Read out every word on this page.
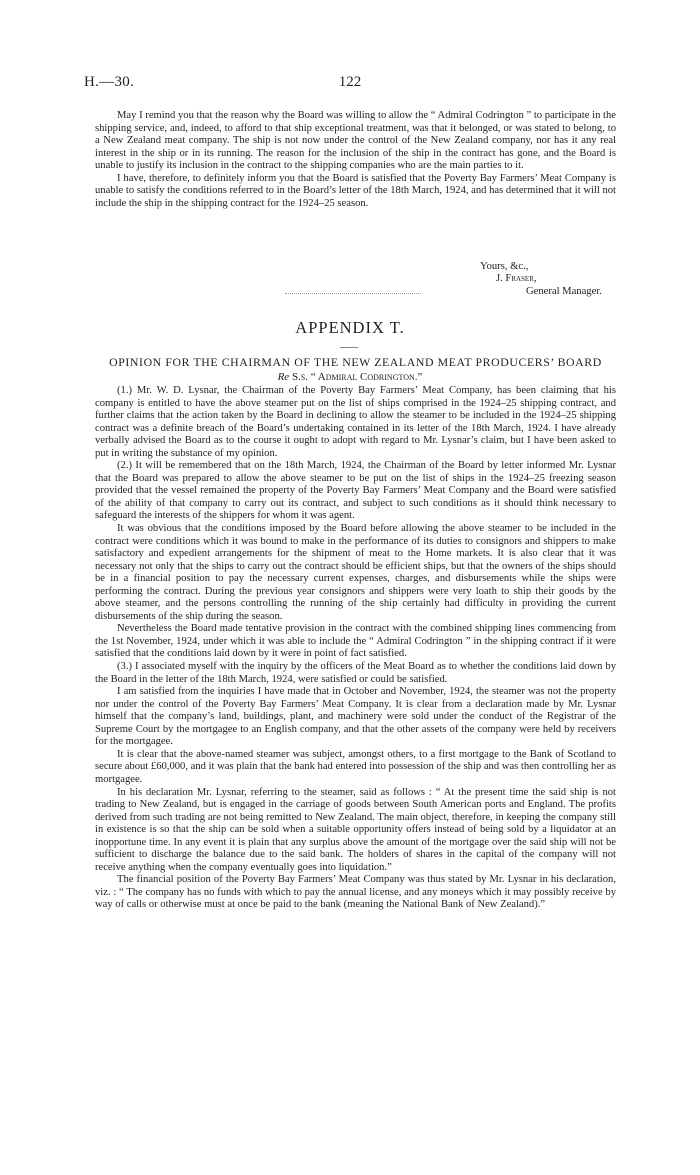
H.—30.	122

May I remind you that the reason why the Board was willing to allow the “ Admiral Codrington ” to participate in the shipping service, and, indeed, to afford to that ship exceptional treatment, was that it belonged, or was stated to belong, to a New Zealand meat company. The ship is not now under the control of the New Zealand company, nor has it any real interest in the ship or in its running. The reason for the inclusion of the ship in the contract has gone, and the Board is unable to justify its inclusion in the contract to the shipping companies who are the main parties to it.

I have, therefore, to definitely inform you that the Board is satisfied that the Poverty Bay Farmers’ Meat Company is unable to satisfy the conditions referred to in the Board’s letter of the 18th March, 1924, and has determined that it will not include the ship in the shipping contract for the 1924–25 season.

Yours, &c.,
J. Fraser,
General Manager.
APPENDIX T.
OPINION FOR THE CHAIRMAN OF THE NEW ZEALAND MEAT PRODUCERS’ BOARD
Re S.s. “ Admiral Codrington.”

(1.) Mr. W. D. Lysnar, the Chairman of the Poverty Bay Farmers’ Meat Company, has been claiming that his company is entitled to have the above steamer put on the list of ships comprised in the 1924–25 shipping contract, and further claims that the action taken by the Board in declining to allow the steamer to be included in the 1924–25 shipping contract was a definite breach of the Board’s undertaking contained in its letter of the 18th March, 1924. I have already verbally advised the Board as to the course it ought to adopt with regard to Mr. Lysnar’s claim, but I have been asked to put in writing the substance of my opinion.

(2.) It will be remembered that on the 18th March, 1924, the Chairman of the Board by letter informed Mr. Lysnar that the Board was prepared to allow the above steamer to be put on the list of ships in the 1924–25 freezing season provided that the vessel remained the property of the Poverty Bay Farmers’ Meat Company and the Board were satisfied of the ability of that company to carry out its contract, and subject to such conditions as it should think necessary to safeguard the interests of the shippers for whom it was agent.

It was obvious that the conditions imposed by the Board before allowing the above steamer to be included in the contract were conditions which it was bound to make in the performance of its duties to consignors and shippers to make satisfactory and expedient arrangements for the shipment of meat to the Home markets. It is also clear that it was necessary not only that the ships to carry out the contract should be efficient ships, but that the owners of the ships should be in a financial position to pay the necessary current expenses, charges, and disbursements while the ships were performing the contract. During the previous year consignors and shippers were very loath to ship their goods by the above steamer, and the persons controlling the running of the ship certainly had difficulty in providing the current disbursements of the ship during the season.

Nevertheless the Board made tentative provision in the contract with the combined shipping lines commencing from the 1st November, 1924, under which it was able to include the “ Admiral Codrington ” in the shipping contract if it were satisfied that the conditions laid down by it were in point of fact satisfied.

(3.) I associated myself with the inquiry by the officers of the Meat Board as to whether the conditions laid down by the Board in the letter of the 18th March, 1924, were satisfied or could be satisfied.

I am satisfied from the inquiries I have made that in October and November, 1924, the steamer was not the property nor under the control of the Poverty Bay Farmers’ Meat Company. It is clear from a declaration made by Mr. Lysnar himself that the company’s land, buildings, plant, and machinery were sold under the conduct of the Registrar of the Supreme Court by the mortgagee to an English company, and that the other assets of the company were held by receivers for the mortgagee.

It is clear that the above-named steamer was subject, amongst others, to a first mortgage to the Bank of Scotland to secure about £60,000, and it was plain that the bank had entered into possession of the ship and was then controlling her as mortgagee.

In his declaration Mr. Lysnar, referring to the steamer, said as follows : “ At the present time the said ship is not trading to New Zealand, but is engaged in the carriage of goods between South American ports and England. The profits derived from such trading are not being remitted to New Zealand. The main object, therefore, in keeping the company still in existence is so that the ship can be sold when a suitable opportunity offers instead of being sold by a liquidator at an inopportune time. In any event it is plain that any surplus above the amount of the mortgage over the said ship will not be sufficient to discharge the balance due to the said bank. The holders of shares in the capital of the company will not receive anything when the company eventually goes into liquidation.”

The financial position of the Poverty Bay Farmers’ Meat Company was thus stated by Mr. Lysnar in his declaration, viz. : “ The company has no funds with which to pay the annual license, and any moneys which it may possibly receive by way of calls or otherwise must at once be paid to the bank (meaning the National Bank of New Zealand).”
